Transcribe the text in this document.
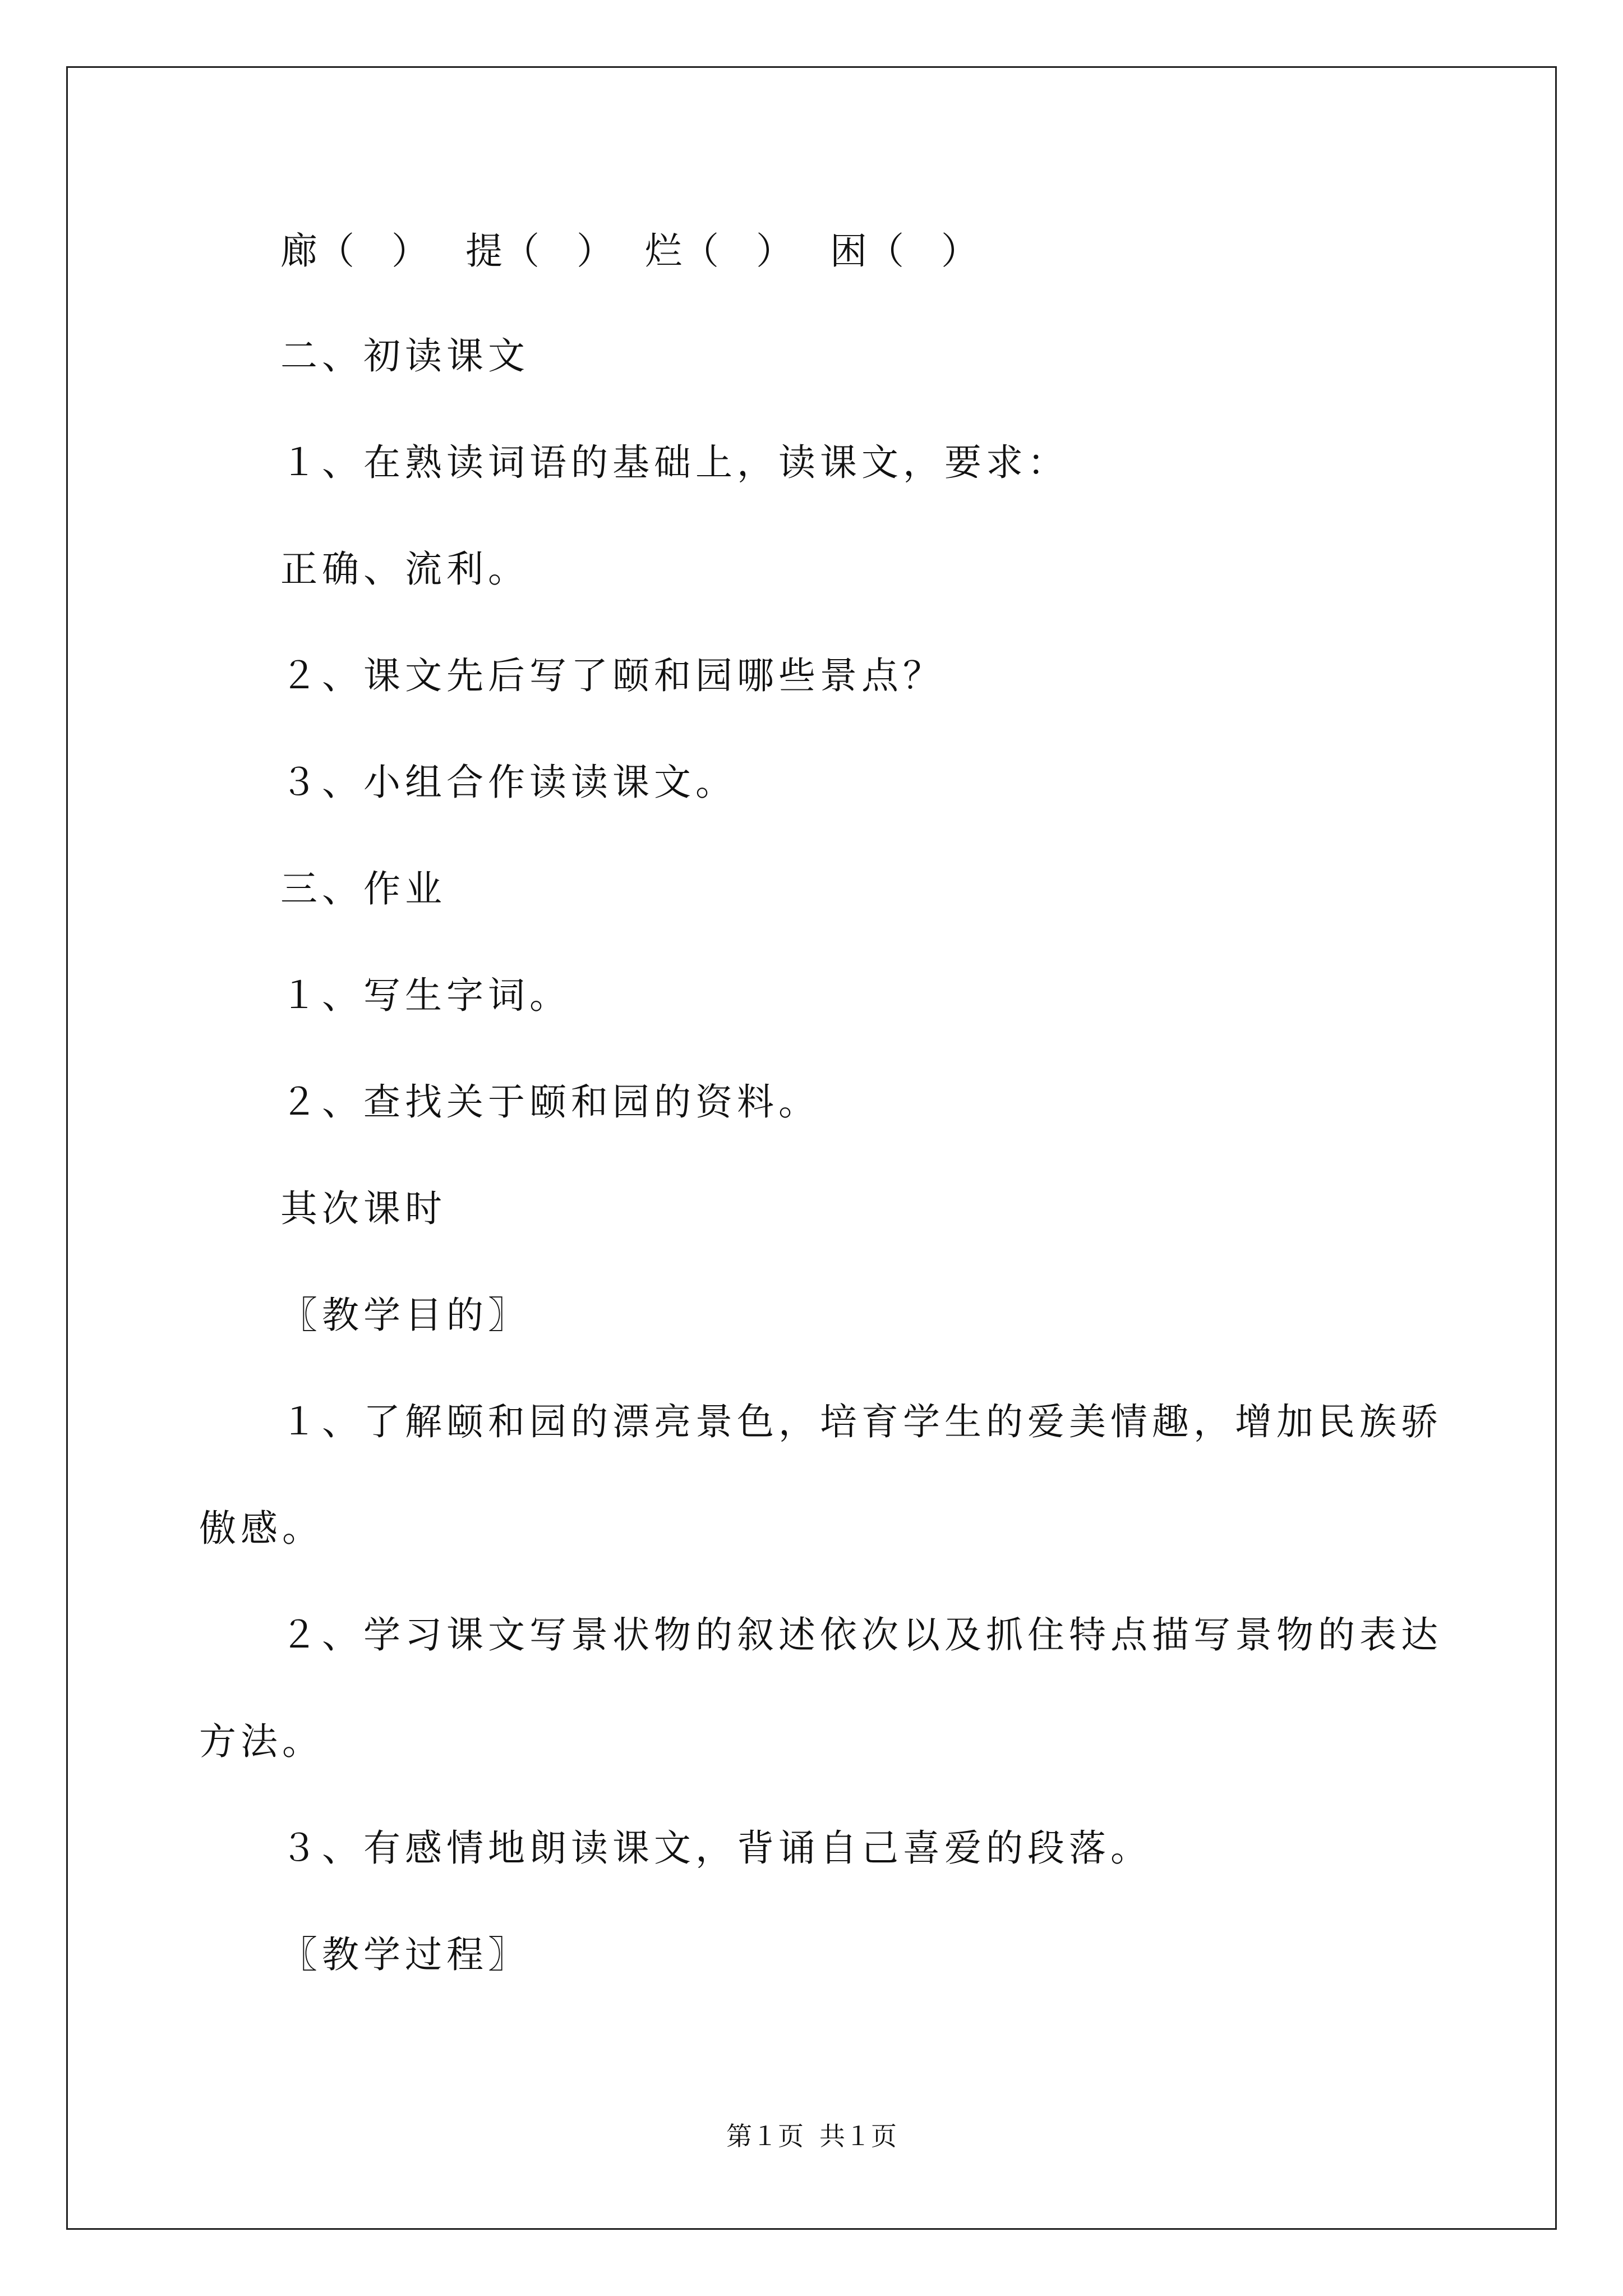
廊（　） 提（　） 烂（　） 困（　）
二、初读课文
１、在熟读词语的基础上，读课文，要求：
正确、流利。
２、课文先后写了颐和园哪些景点？
３、小组合作读读课文。
三、作业
１、写生字词。
２、查找关于颐和园的资料。
其次课时
〖教学目的〗
１、了解颐和园的漂亮景色，培育学生的爱美情趣，增加民族骄
傲感。
２、学习课文写景状物的叙述依次以及抓住特点描写景物的表达
方法。
３、有感情地朗读课文，背诵自己喜爱的段落。
〖教学过程〗
第１页 共１页
